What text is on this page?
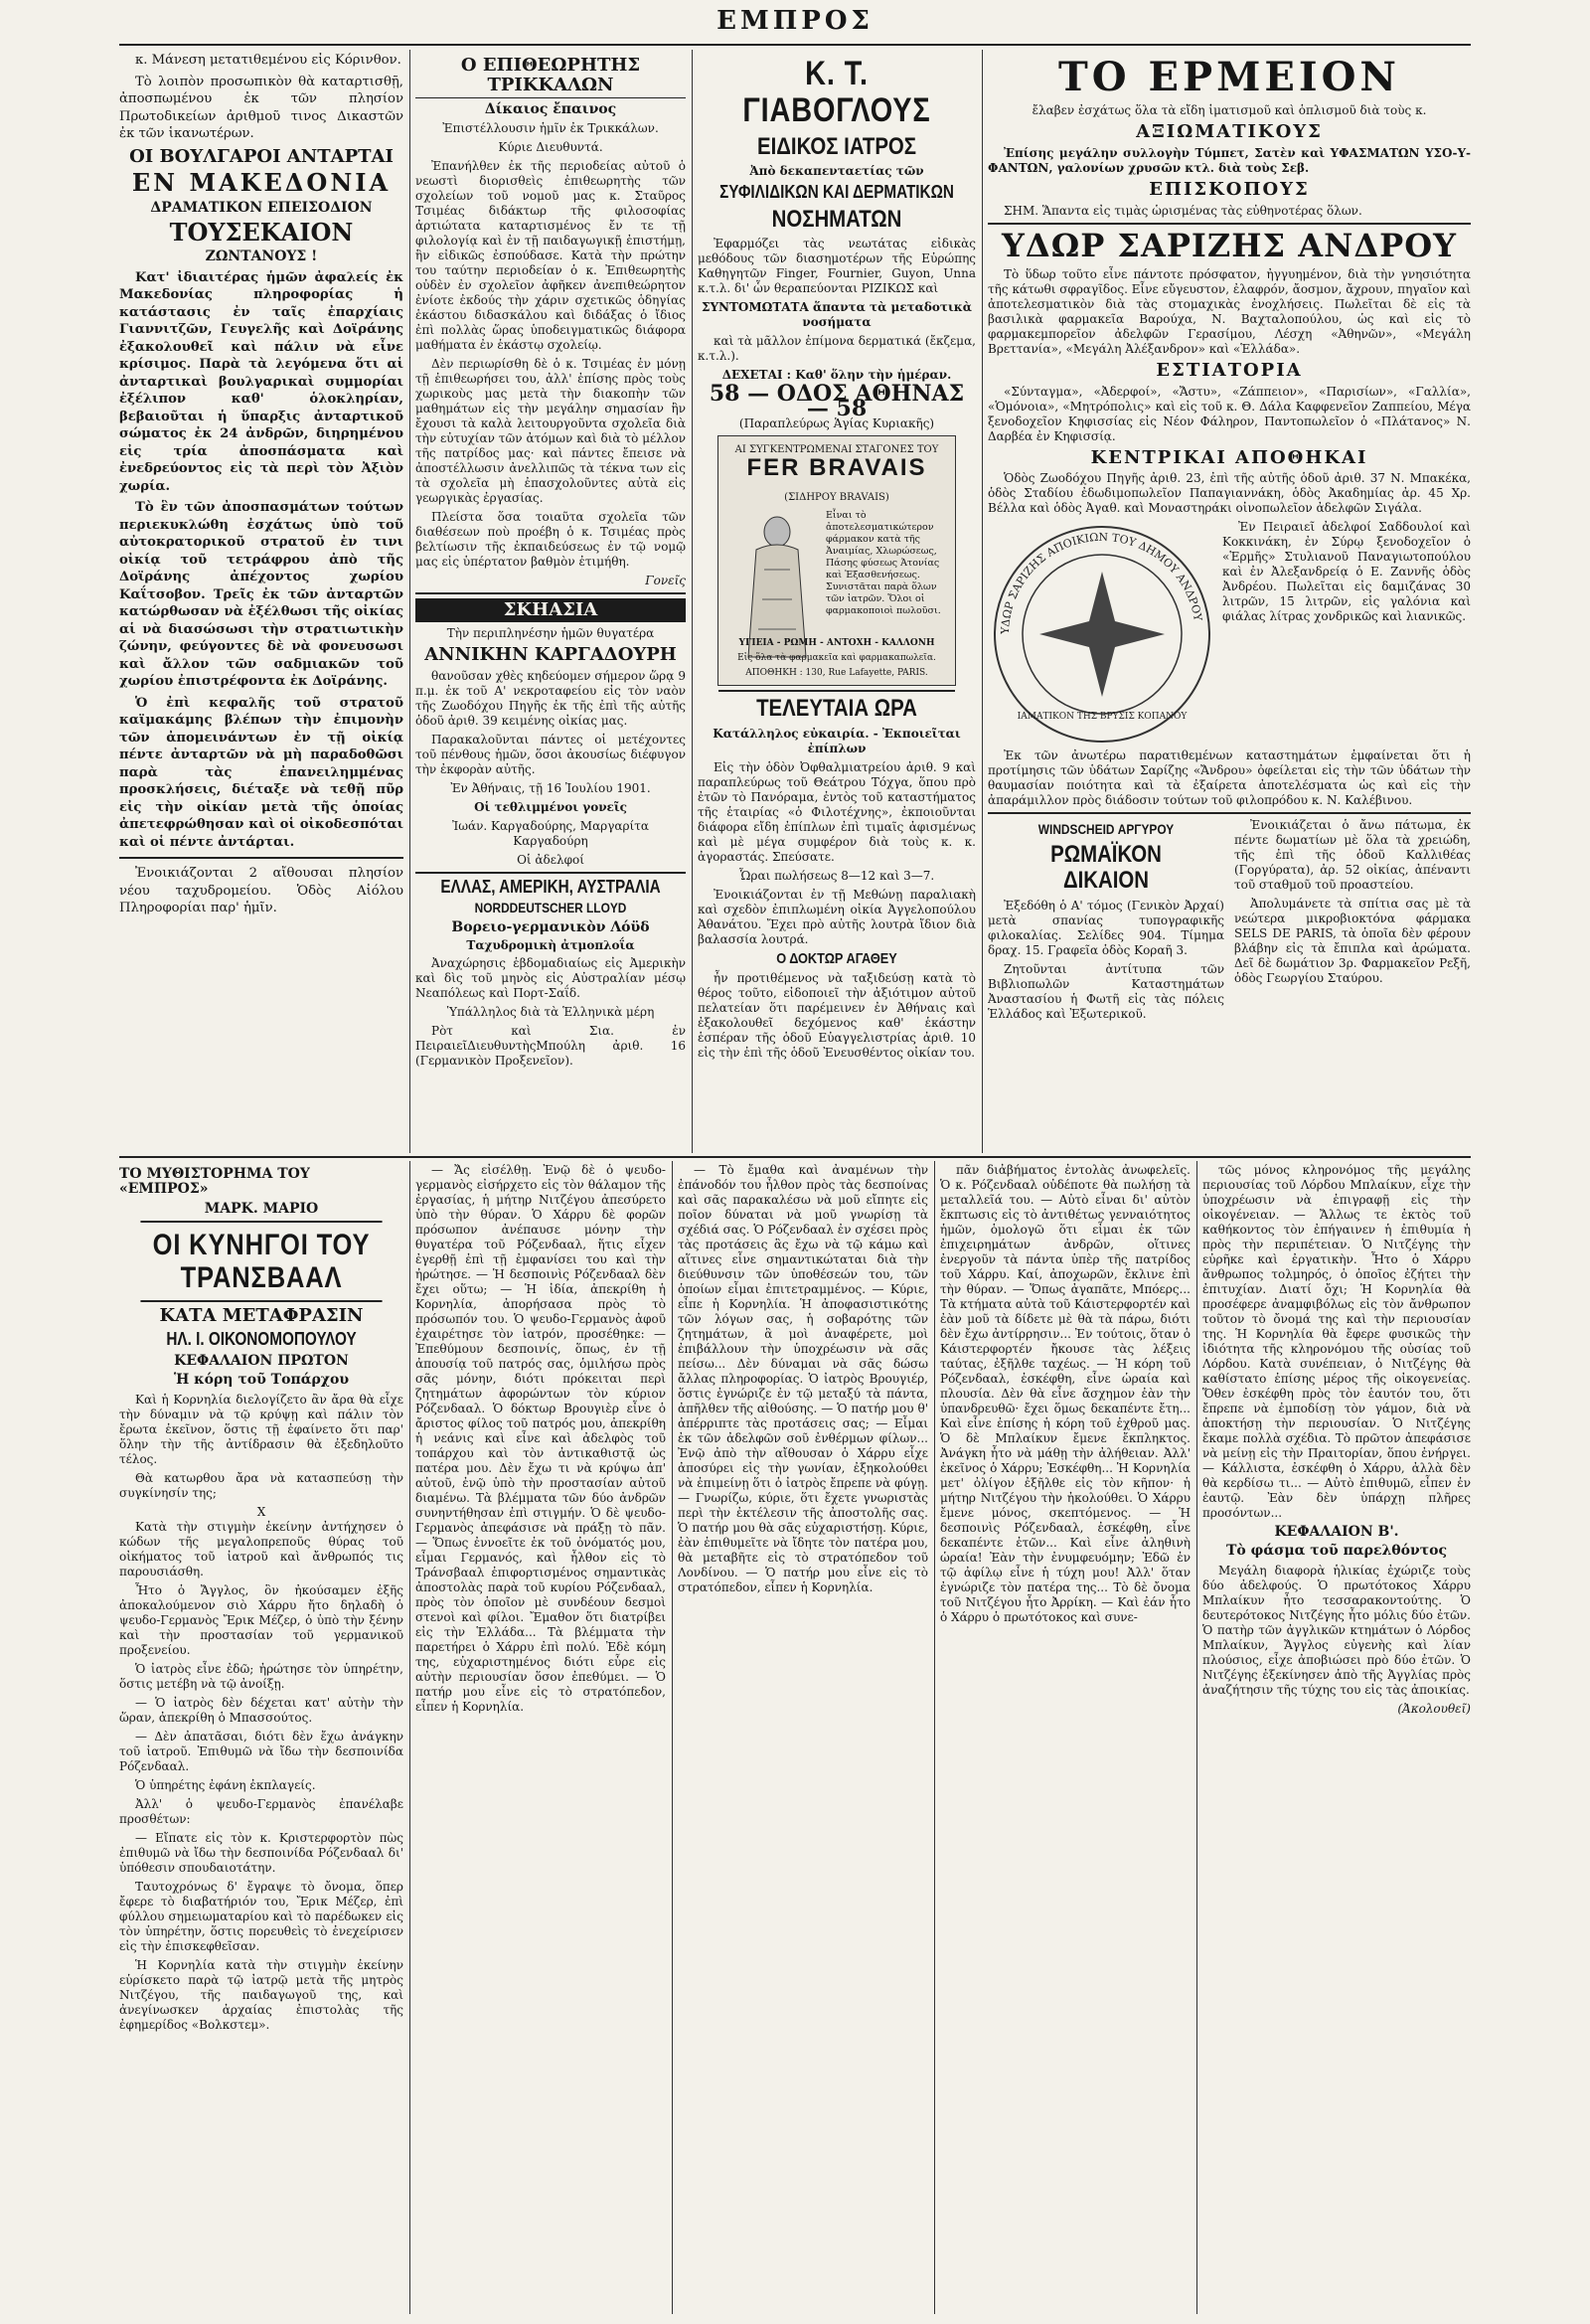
ΕΜΠΡΟΣ

κ. Μάνεση μετατιθεμένου εἰς Κόρινθον.

Τὸ λοιπὸν προσωπικὸν θὰ καταρτισθῇ, ἀποσπωμένου ἐκ τῶν πλησίον Πρωτοδικείων ἀριθμοῦ τινος Δικαστῶν ἐκ τῶν ἱκανωτέρων.

ΟΙ ΒΟΥΛΓΑΡΟΙ ΑΝΤΑΡΤΑΙ
ΕΝ ΜΑΚΕΔΟΝΙΑ
ΔΡΑΜΑΤΙΚΟΝ ΕΠΕΙΣΟΔΙΟΝ
ΤΟΥΣΕΚΑΙΟΝ
ΖΩΝΤΑΝΟΥΣ !

Κατ' ἰδιαιτέρας ἡμῶν ἀφαλείς ἐκ Μακεδονίας πληροφορίας ἡ κατάστασις ἐν ταῖς ἐπαρχίαις Γιαννιτζῶν, Γευγελῆς καὶ Δοϊράνης ἐξακολουθεῖ καὶ πάλιν νὰ εἶνε κρίσιμος. Παρὰ τὰ λεγόμενα ὅτι αἱ ἀνταρτικαὶ βουλγαρικαὶ συμμορίαι ἐξέλιπον καθ' ὁλοκληρίαν, βεβαιοῦται ἡ ὕπαρξις ἀνταρτικοῦ σώματος ἐκ 24 ἀνδρῶν, διηρημένου εἰς τρία ἀποσπάσματα καὶ ἐνεδρεύοντος εἰς τὰ περὶ τὸν Ἀξιὸν χωρία.

Τὸ ἓν τῶν ἀποσπασμάτων τούτων περιεκυκλώθη ἐσχάτως ὑπὸ τοῦ αὐτοκρατορικοῦ στρατοῦ ἐν τινι οἰκίᾳ τοῦ τετράφρου ἀπὸ τῆς Δοϊράνης ἀπέχοντος χωρίου Καΐτσοβον. Τρεῖς ἐκ τῶν ἀνταρτῶν κατώρθωσαν νὰ ἐξέλθωσι τῆς οἰκίας αἱ νὰ διασώσωσι τὴν στρατιωτικὴν ζώνην, φεύγοντες δὲ νὰ φονευσωσι καὶ ἄλλον τῶν σαδμιακῶν τοῦ χωρίου ἐπιστρέφοντα ἐκ Δοϊράνης.

Ὁ ἐπὶ κεφαλῆς τοῦ στρατοῦ καϊμακάμης βλέπων τὴν ἐπιμονὴν τῶν ἀπομεινάντων ἐν τῇ οἰκίᾳ πέντε ἀνταρτῶν νὰ μὴ παραδοθῶσι παρὰ τὰς ἐπανειλημμένας προσκλήσεις, διέταξε νὰ τεθῇ πῦρ εἰς τὴν οἰκίαν μετὰ τῆς ὁποίας ἀπετεφρώθησαν καὶ οἱ οἰκοδεσπόται καὶ οἱ πέντε ἀντάρται.

Ἐνοικιάζονται 2 αἴθουσαι πλησίον νέου ταχυδρομείου. Ὁδὸς Αἰόλου Πληροφορίαι παρ' ἡμῖν.

Ο ΕΠΙΘΕΩΡΗΤΗΣ ΤΡΙΚΚΑΛΩΝ
Δίκαιος ἔπαινος

Ἐπιστέλλουσιν ἡμῖν ἐκ Τρικκάλων.

Κύριε Διευθυντά.

Ἐπανήλθεν ἐκ τῆς περιοδείας αὐτοῦ ὁ νεωστὶ διορισθεὶς ἐπιθεωρητὴς τῶν σχολείων τοῦ νομοῦ μας κ. Σταῦρος Τσιμέας διδάκτωρ τῆς φιλοσοφίας ἀρτιώτατα καταρτισμένος ἔν τε τῇ φιλολογίᾳ καὶ ἐν τῇ παιδαγωγικῇ ἐπιστήμῃ, ἣν εἰδικῶς ἐσπούδασε. Κατὰ τὴν πρώτην του ταύτην περιοδείαν ὁ κ. Ἐπιθεωρητὴς οὐδὲν ἐν σχολεῖον ἀφῆκεν ἀνεπιθεώρητον ἐνίοτε ἐκδούς τὴν χάριν σχετικῶς ὁδηγίας ἑκάστου διδασκάλου καὶ διδάξας ὁ ἴδιος ἐπὶ πολλὰς ὥρας ὑποδειγματικῶς διάφορα μαθήματα ἐν ἑκάστῳ σχολείῳ.

Δὲν περιωρίσθη δὲ ὁ κ. Τσιμέας ἐν μόνῃ τῇ ἐπιθεωρήσει του, ἀλλ' ἐπίσης πρὸς τοὺς χωρικοὺς μας μετὰ τὴν διακοπὴν τῶν μαθημάτων εἰς τὴν μεγάλην σημασίαν ἣν ἔχουσι τὰ καλὰ λειτουργοῦντα σχολεῖα διὰ τὴν εὐτυχίαν τῶν ἀτόμων καὶ διὰ τὸ μέλλον τῆς πατρίδος μας· καὶ πάντες ἔπεισε νὰ ἀποστέλλωσιν ἀνελλιπῶς τὰ τέκνα των εἰς τὰ σχολεῖα μὴ ἐπασχολοῦντες αὐτὰ εἰς γεωργικὰς ἐργασίας.

Πλείστα ὅσα τοιαῦτα σχολεῖα τῶν διαθέσεων ποὺ προέβη ὁ κ. Τσιμέας πρὸς βελτίωσιν τῆς ἐκπαιδεύσεως ἐν τῷ νομῷ μας εἰς ὑπέρτατον βαθμὸν ἐτιμήθη.

Γονεῖς

ΣΚΗΑΣΙΑ

Τὴν περιπληνέσην ἡμῶν θυγατέρα

ΑΝΝΙΚΗΝ ΚΑΡΓΑΔΟΥΡΗ

θανοῦσαν χθὲς κηδεύομεν σήμερον ὥρᾳ 9 π.μ. ἐκ τοῦ Α' νεκροταφείου εἰς τὸν ναὸν τῆς Ζωοδόχου Πηγῆς ἐκ τῆς ἐπὶ τῆς αὐτῆς ὁδοῦ ἀριθ. 39 κειμένης οἰκίας μας.

Παρακαλοῦνται πάντες οἱ μετέχοντες τοῦ πένθους ἡμῶν, ὅσοι ἀκουσίως διέφυγον τὴν ἐκφορὰν αὐτῆς.

Ἐν Ἀθήναις, τῇ 16 Ἰουλίου 1901.

Οἱ τεθλιμμένοι γονεῖς

Ἰωάν. Καργαδούρης, Μαργαρίτα Καργαδούρη

Οἱ ἀδελφοί

ΕΛΛΑΣ, ΑΜΕΡΙΚΗ, ΑΥΣΤΡΑΛΙΑ
NORDDEUTSCHER LLOYD
Βορειο-γερμανικὸν Λόϋδ
Ταχυδρομικὴ ἀτμοπλοΐα

Ἀναχώρησις ἑβδομαδιαίως εἰς Ἀμερικὴν καὶ δὶς τοῦ μηνὸς εἰς Αὐστραλίαν μέσῳ Νεαπόλεως καὶ Πορτ-Σαΐδ.

Ὑπάλληλος διὰ τὰ Ἑλληνικὰ μέρη

Ρὸτ καὶ Σια. ἐν ΠειραιεῖΔιευθυντὴςΜπούλη ἀριθ. 16 (Γερμανικὸν Προξενεῖον).

Κ. Τ. ΓΙΑΒΟΓΛΟΥΣ
ΕΙΔΙΚΟΣ ΙΑΤΡΟΣ

Ἀπὸ δεκαπενταετίας τῶν

ΣΥΦΙΛΙΔΙΚΩΝ ΚΑΙ ΔΕΡΜΑΤΙΚΩΝ
ΝΟΣΗΜΑΤΩΝ

Ἐφαρμόζει τὰς νεωτάτας εἰδικὰς μεθόδους τῶν διασημοτέρων τῆς Εὐρώπης Καθηγητῶν Finger, Fournier, Guyon, Unna κ.τ.λ. δι' ὧν θεραπεύονται ΡΙΖΙΚΩΣ καὶ

ΣΥΝΤΟΜΩΤΑΤΑ ἅπαντα τὰ μεταδοτικὰ νοσήματα

καὶ τὰ μᾶλλον ἐπίμονα δερματικά (ἔκζεμα, κ.τ.λ.).

ΔΕΧΕΤΑΙ : Καθ' ὅλην τὴν ἡμέραν.

58 — ΟΔΟΣ ΑΘΗΝΑΣ — 58

(Παραπλεύρως Ἁγίας Κυριακῆς)

ΑΙ ΣΥΓΚΕΝΤΡΩΜΕΝΑΙ ΣΤΑΓΟΝΕΣ ΤΟΥ
FER BRAVAIS
(ΣΙΔΗΡΟΥ BRAVAIS)
Εἶναι τὸ ἀποτελεσματικώτερον φάρμακον κατὰ τῆς Ἀναιμίας, Χλωρώσεως, Πάσης φύσεως Ἀτονίας καὶ Ἐξασθενήσεως. Συνιστᾶται παρὰ ὅλων τῶν ἰατρῶν. Ὅλοι οἱ φαρμακοποιοὶ πωλοῦσι.
ΥΓΙΕΙΑ - ΡΩΜΗ - ΑΝΤΟΧΗ - ΚΑΛΛΟΝΗ
Εἰς ὅλα τὰ φαρμακεῖα καὶ φαρμακαπωλεῖα. ΑΠΟΘΗΚΗ : 130, Rue Lafayette, PARIS.
ΤΕΛΕΥΤΑΙΑ ΩΡΑ

Κατάλληλος εὐκαιρία. - Ἐκποιεῖται ἐπίπλων

Εἰς τὴν ὁδὸν Ὀφθαλμιατρείου ἀριθ. 9 καὶ παραπλεύρως τοῦ Θεάτρου Τόχγα, ὅπου πρὸ ἐτῶν τὸ Πανόραμα, ἐντὸς τοῦ καταστήματος τῆς ἑταιρίας «ὁ Φιλοτέχνης», ἐκποιοῦνται διάφορα εἴδη ἐπίπλων ἐπὶ τιμαῖς ἀφισμένως καὶ μὲ μέγα συμφέρον διὰ τοὺς κ. κ. ἀγοραστάς. Σπεύσατε.

Ὧραι πωλήσεως 8—12 καὶ 3—7.

Ἐνοικιάζονται ἐν τῇ Μεθώνῃ παραλιακὴ καὶ σχεδὸν ἐπιπλωμένη οἰκία Ἀγγελοπούλου Ἀθανάτου. Ἔχει πρὸ αὐτῆς λουτρὰ ἴδιον διὰ βαλασσία λουτρά.

Ο ΔΟΚΤΩΡ ΑΓΑΘΕΥ

ἦν προτιθέμενος νὰ ταξιδεύσῃ κατὰ τὸ θέρος τοῦτο, εἰδοποιεῖ τὴν ἀξιότιμον αὐτοῦ πελατείαν ὅτι παρέμεινεν ἐν Ἀθήναις καὶ ἐξακολουθεῖ δεχόμενος καθ' ἑκάστην ἑσπέραν τῆς ὁδοῦ Εὐαγγελιστρίας ἀριθ. 10 εἰς τὴν ἐπὶ τῆς ὁδοῦ Ἐνευσθέντος οἰκίαν του.

ΤΟ ΕΡΜΕΙΟΝ

ἔλαβεν ἐσχάτως ὅλα τὰ εἴδη ἱματισμοῦ καὶ ὁπλισμοῦ διὰ τοὺς κ.

ΑΞΙΩΜΑΤΙΚΟΥΣ

Ἐπίσης μεγάλην συλλογὴν Τύμπετ, Σατὲν καὶ ΥΦΑΣΜΑΤΩΝ ΥΣΟ-Υ-ΦΑΝΤΩΝ, γαλονίων χρυσῶν κτλ. διὰ τοὺς Σεβ.

ΕΠΙΣΚΟΠΟΥΣ

ΣΗΜ. Ἅπαντα εἰς τιμὰς ὡρισμένας τὰς εὐθηνοτέρας ὅλων.

ΥΔΩΡ ΣΑΡΙΖΗΣ ΑΝΔΡΟΥ

Τὸ ὕδωρ τοῦτο εἶνε πάντοτε πρόσφατον, ἠγγυημένον, διὰ τὴν γνησιότητα τῆς κάτωθι σφραγῖδος. Εἶνε εὔγευστον, ἐλαφρόν, ἄοσμον, ἄχρουν, πηγαῖον καὶ ἀποτελεσματικὸν διὰ τὰς στομαχικὰς ἐνοχλήσεις. Πωλεῖται δὲ εἰς τὰ βασιλικὰ φαρμακεῖα Βαρούχα, Ν. Βαχταλοπούλου, ὡς καὶ εἰς τὸ φαρμακεμπορεῖον ἀδελφῶν Γερασίμου, Λέσχη «Ἀθηνῶν», «Μεγάλη Βρεττανία», «Μεγάλη Ἀλέξανδρον» καὶ «Ἑλλάδα».

ΕΣΤΙΑΤΟΡΙΑ

«Σύνταγμα», «Ἀδερφοί», «Ἄστυ», «Ζάππειον», «Παρισίων», «Γαλλία», «Ὁμόνοια», «Μητρόπολις» καὶ εἰς τοῦ κ. Θ. Δάλα Καφφενεῖον Ζαππείου, Μέγα ξενοδοχεῖον Κηφισσίας εἰς Νέον Φάληρον, Παντοπωλεῖον ὁ «Πλάτανος» Ν. Δαρβέα ἐν Κηφισσίᾳ.

ΚΕΝΤΡΙΚΑΙ ΑΠΟΘΗΚΑΙ

Ὁδὸς Ζωοδόχου Πηγῆς ἀριθ. 23, ἐπὶ τῆς αὐτῆς ὁδοῦ ἀριθ. 37 Ν. Μπακέκα, ὁδὸς Σταδίου ἐδωδιμοπωλεῖον Παπαγιαννάκη, ὁδὸς Ἀκαδημίας ἀρ. 45 Χρ. Βέλλα καὶ ὁδὸς Ἀγαθ. καὶ Μοναστηράκι οἰνοπωλεῖον ἀδελφῶν Σιγάλα.

ΥΔΩΡ ΣΑΡΙΖΗΣ ΑΠΟΙΚΙΩΝ ΤΟΥ ΔΗΜΟΥ ΑΝΔΡΟΥ
ΙΑΜΑΤΙΚΟΝ ΤΗΣ ΒΡΥΣΙΣ ΚΟΠΑΝΟΥ

Ἐν Πειραιεῖ ἀδελφοί Σαδδουλοί καὶ Κοκκινάκη, ἐν Σύρῳ ξενοδοχεῖον ὁ «Ἑρμῆς» Στυλιανοῦ Παναγιωτοπούλου καὶ ἐν Ἀλεξανδρείᾳ ὁ Ε. Ζαννῆς ὁδὸς Ἀνδρέου. Πωλεῖται εἰς δαμιζάνας 30 λιτρῶν, 15 λιτρῶν, εἰς γαλόνια καὶ φιάλας λίτρας χονδρικῶς καὶ λιανικῶς.

Ἐκ τῶν ἀνωτέρω παρατιθεμένων καταστημάτων ἐμφαίνεται ὅτι ἡ προτίμησις τῶν ὑδάτων Σαρίζης «Ἄνδρου» ὀφείλεται εἰς τὴν τῶν ὑδάτων τὴν θαυμασίαν ποιότητα καὶ τὰ ἐξαίρετα ἀποτελέσματα ὡς καὶ εἰς τὴν ἀπαράμιλλον πρὸς διάδοσιν τούτων τοῦ φιλοπρόδου κ. Ν. Καλέβινου.

WINDSCHEID ΑΡΓΥΡΟΥ
ΡΩΜΑΪΚΟΝ ΔΙΚΑΙΟΝ

Ἐξεδόθη ὁ Α' τόμος (Γενικὸν Ἀρχαί) μετὰ σπανίας τυπογραφικῆς φιλοκαλίας. Σελίδες 904. Τίμημα δραχ. 15. Γραφεῖα ὁδὸς Κοραῆ 3.

Ζητοῦνται ἀντίτυπα τῶν Βιβλιοπωλῶν Καταστημάτων Ἀναστασίου ἡ Φωτῆ εἰς τὰς πόλεις Ἑλλάδος καὶ Ἐξωτερικοῦ.

Ἐνοικιάζεται ὁ ἄνω πάτωμα, ἐκ πέντε δωματίων μὲ ὅλα τὰ χρειώδη, τῆς ἐπὶ τῆς ὁδοῦ Καλλιθέας (Γοργύρατα), ἀρ. 52 οἰκίας, ἀπέναντι τοῦ σταθμοῦ τοῦ προαστείου.

Ἀπολυμάνετε τὰ σπίτια σας μὲ τὰ νεώτερα μικροβιοκτόνα φάρμακα SELS DE PARIS, τὰ ὁποῖα δὲν φέρουν βλάβην εἰς τὰ ἔπιπλα καὶ ἀρώματα. Δεῖ δὲ δωμάτιον 3ρ. Φαρμακεῖον Ρεξῆ, ὁδὸς Γεωργίου Σταύρου.

ΤΟ ΜΥΘΙΣΤΟΡΗΜΑ ΤΟΥ «ΕΜΠΡΟΣ»
ΜΑΡΚ. ΜΑΡΙΟ
ΟΙ ΚΥΝΗΓΟΙ ΤΟΥ ΤΡΑΝΣΒΑΑΛ
ΚΑΤΑ ΜΕΤΑΦΡΑΣΙΝ
ΗΛ. Ι. ΟΙΚΟΝΟΜΟΠΟΥΛΟΥ
ΚΕΦΑΛΑΙΟΝ ΠΡΩΤΟΝ
Ἡ κόρη τοῦ Τοπάρχου

Καὶ ἡ Κορνηλία διελογίζετο ἂν ἄρα θὰ εἶχε τὴν δύναμιν νὰ τῷ κρύψῃ καὶ πάλιν τὸν ἔρωτα ἐκεῖνον, ὅστις τῇ ἐφαίνετο ὅτι παρ' ὅλην τὴν τῆς ἀντίδρασιν θὰ ἐξεδηλοῦτο τέλος.

Θὰ κατωρθου ἄρα νὰ κατασπεύσῃ τὴν συγκίνησίν της;

X

Κατὰ τὴν στιγμὴν ἐκείνην ἀντήχησεν ὁ κώδων τῆς μεγαλοπρεποῦς θύρας τοῦ οἰκήματος τοῦ ἰατροῦ καὶ ἄνθρωπός τις παρουσιάσθη.

Ἦτο ὁ Ἄγγλος, ὃν ἠκούσαμεν ἐξῆς ἀποκαλούμενον σιὸ Χάρρυ ἤτο δηλαδὴ ὁ ψευδο-Γερμανὸς Ἔρικ Μέζερ, ὁ ὑπὸ τὴν ξένην καὶ τὴν προστασίαν τοῦ γερμανικοῦ προξενείου.

Ὁ ἰατρὸς εἶνε ἐδῶ; ἠρώτησε τὸν ὑπηρέτην, ὅστις μετέβη νὰ τῷ ἀνοίξῃ.

— Ὁ ἰατρὸς δὲν δέχεται κατ' αὐτὴν τὴν ὥραν, ἀπεκρίθη ὁ Μπασσούτος.

— Δὲν ἀπατᾶσαι, διότι δὲν ἔχω ἀνάγκην τοῦ ἰατροῦ. Ἐπιθυμῶ νὰ ἴδω τὴν δεσποινίδα Ρόζενδααλ.

Ὁ ὑπηρέτης ἐφάνη ἐκπλαγείς.

Ἀλλ' ὁ ψευδο-Γερμανὸς ἐπανέλαβε προσθέτων:

— Εἴπατε εἰς τὸν κ. Κριστερφορτὸν πὼς ἐπιθυμῶ νὰ ἴδω τὴν δεσποινίδα Ρόζενδααλ δι' ὑπόθεσιν σπουδαιοτάτην.

Ταυτοχρόνως δ' ἔγραψε τὸ ὄνομα, ὅπερ ἔφερε τὸ διαβατήριόν του, Ἔρικ Μέζερ, ἐπὶ φύλλου σημειωματαρίου καὶ τὸ παρέδωκεν εἰς τὸν ὑπηρέτην, ὅστις πορευθεὶς τὸ ἐνεχείρισεν εἰς τὴν ἐπισκεφθεῖσαν.

Ἡ Κορνηλία κατὰ τὴν στιγμὴν ἐκείνην εὑρίσκετο παρὰ τῷ ἰατρῷ μετὰ τῆς μητρὸς Νιτζέγου, τῆς παιδαγωγοῦ της, καὶ ἀνεγίνωσκεν ἀρχαίας ἐπιστολὰς τῆς ἐφημερίδος «Βολκστεμ».

— Ἄς εἰσέλθῃ. Ἐνῷ δὲ ὁ ψευδο-γερμανὸς εἰσήρχετο εἰς τὸν θάλαμον τῆς ἐργασίας, ἡ μήτηρ Νιτζέγου ἀπεσύρετο ὑπὸ τὴν θύραν. Ὁ Χάρρυ δὲ φορῶν πρόσωπον ἀνέπαυσε μόνην τὴν θυγατέρα τοῦ Ρόζενδααλ, ἥτις εἶχεν ἐγερθῇ ἐπὶ τῇ ἐμφανίσει του καὶ τὴν ἠρώτησε. — Ἡ δεσποινὶς Ρόζενδααλ δὲν ἔχει οὕτω; — Ἡ ἰδία, ἀπεκρίθη ἡ Κορνηλία, ἀπορήσασα πρὸς τὸ πρόσωπόν του. Ὁ ψευδο-Γερμανὸς ἀφοῦ ἐχαιρέτησε τὸν ἰατρόν, προσέθηκε: — Ἐπεθύμουν δεσποινίς, ὅπως, ἐν τῇ ἀπουσίᾳ τοῦ πατρός σας, ὁμιλήσω πρὸς σᾶς μόνην, διότι πρόκειται περὶ ζητημάτων ἀφορώντων τὸν κύριον Ρόζενδααλ. Ὁ δόκτωρ Βρουγιὲρ εἶνε ὁ ἄριστος φίλος τοῦ πατρός μου, ἀπεκρίθη ἡ νεάνις καὶ εἶνε καὶ ἀδελφὸς τοῦ τοπάρχου καὶ τὸν ἀντικαθιστᾷ ὡς πατέρα μου. Δὲν ἔχω τι νὰ κρύψω ἀπ' αὐτοῦ, ἐνῷ ὑπὸ τὴν προστασίαν αὐτοῦ διαμένω. Τὰ βλέμματα τῶν δύο ἀνδρῶν συνηντήθησαν ἐπὶ στιγμήν. Ὁ δὲ ψευδο-Γερμανὸς ἀπεφάσισε νὰ πράξῃ τὸ πᾶν. — Ὅπως ἐννοεῖτε ἐκ τοῦ ὀνόματός μου, εἶμαι Γερμανός, καὶ ἦλθον εἰς τὸ Τράνσβααλ ἐπιφορτισμένος σημαντικὰς ἀποστολὰς παρὰ τοῦ κυρίου Ρόζενδααλ, πρὸς τὸν ὁποῖον μὲ συνδέουν δεσμοὶ στενοὶ καὶ φίλοι. Ἔμαθον ὅτι διατρίβει εἰς τὴν Ἑλλάδα... Τὰ βλέμματα τὴν παρετήρει ὁ Χάρρυ ἐπὶ πολύ. Ἐδὲ κόμη της, εὐχαριστημένος διότι εὗρε εἰς αὐτὴν περιουσίαν ὅσον ἐπεθύμει. — Ὁ πατήρ μου εἶνε εἰς τὸ στρατόπεδον, εἶπεν ἡ Κορνηλία.

— Τὸ ἔμαθα καὶ ἀναμένων τὴν ἐπάνοδόν του ἦλθον πρὸς τὰς δεσποίνας καὶ σᾶς παρακαλέσω νὰ μοῦ εἴπητε εἰς ποῖον δύναται νὰ μοῦ γνωρίσῃ τὰ σχέδιά σας. Ὁ Ρόζενδααλ ἐν σχέσει πρὸς τὰς προτάσεις ἃς ἔχω νὰ τῷ κάμω καὶ αἵτινες εἶνε σημαντικώταται διὰ τὴν διεύθυνσιν τῶν ὑποθέσεών του, τῶν ὁποίων εἶμαι ἐπιτετραμμένος. — Κύριε, εἶπε ἡ Κορνηλία. Ἡ ἀποφασιστικότης τῶν λόγων σας, ἡ σοβαρότης τῶν ζητημάτων, ἃ μοὶ ἀναφέρετε, μοὶ ἐπιβάλλουν τὴν ὑποχρέωσιν νὰ σᾶς πείσω... Δὲν δύναμαι νὰ σᾶς δώσω ἄλλας πληροφορίας. Ὁ ἰατρὸς Βρουγιέρ, ὅστις ἐγνώριζε ἐν τῷ μεταξύ τὰ πάντα, ἀπῆλθεν τῆς αἰθούσης. — Ὁ πατήρ μου θ' ἀπέρριπτε τὰς προτάσεις σας; — Εἶμαι ἐκ τῶν ἀδελφῶν σοῦ ἐνθέρμων φίλων... Ἐνῷ ἀπὸ τὴν αἴθουσαν ὁ Χάρρυ εἶχε ἀποσύρει εἰς τὴν γωνίαν, ἐξηκολούθει νὰ ἐπιμείνῃ ὅτι ὁ ἰατρὸς ἔπρεπε νὰ φύγῃ. — Γνωρίζω, κύριε, ὅτι ἔχετε γνωριστὰς περὶ τὴν ἐκτέλεσιν τῆς ἀποστολῆς σας. Ὁ πατήρ μου θὰ σᾶς εὐχαριστήσῃ. Κύριε, ἐὰν ἐπιθυμεῖτε νὰ ἴδητε τὸν πατέρα μου, θὰ μεταβῆτε εἰς τὸ στρατόπεδον τοῦ Λονδίνου. — Ὁ πατήρ μου εἶνε εἰς τὸ στρατόπεδον, εἶπεν ἡ Κορνηλία.

πᾶν διἀβήματος ἐντολὰς ἀνωφελεῖς. Ὁ κ. Ρόζενδααλ οὐδέποτε θὰ πωλήσῃ τὰ μεταλλεῖά του. — Αὐτὸ εἶναι δι' αὐτὸν ἔκπτωσις εἰς τὸ ἀντιθέτως γενναιότητος ἡμῶν, ὁμολογῶ ὅτι εἶμαι ἐκ τῶν ἐπιχειρημάτων ἀνδρῶν, οἵτινες ἐνεργοῦν τὰ πάντα ὑπὲρ τῆς πατρίδος τοῦ Χάρρυ. Καί, ἀποχωρῶν, ἔκλινε ἐπὶ τὴν θύραν. — Ὅπως ἀγαπᾶτε, Μπόερς... Τὰ κτήματα αὐτὰ τοῦ Κάιστερφορτέν καὶ ἐὰν μοῦ τὰ δίδετε μὲ θὰ τὰ πάρω, διότι δὲν ἔχω ἀντίρρησιν... Ἐν τούτοις, ὅταν ὁ Κάιστερφορτέν ἤκουσε τὰς λέξεις ταύτας, ἐξῆλθε ταχέως. — Ἡ κόρη τοῦ Ρόζενδααλ, ἐσκέφθη, εἶνε ὡραία καὶ πλουσία. Δὲν θὰ εἶνε ἄσχημον ἐὰν τὴν ὑπανδρευθῶ· ἔχει ὅμως δεκαπέντε ἔτη... Καὶ εἶνε ἐπίσης ἡ κόρη τοῦ ἐχθροῦ μας. Ὁ δὲ Μπλαίκυν ἔμενε ἔκπληκτος. Ἀνάγκη ἦτο νὰ μάθῃ τὴν ἀλήθειαν. Ἀλλ' ἐκεῖνος ὁ Χάρρυ; Ἐσκέφθη... Ἡ Κορνηλία μετ' ὀλίγον ἐξῆλθε εἰς τὸν κῆπον· ἡ μήτηρ Νιτζέγου τὴν ἠκολούθει. Ὁ Χάρρυ ἔμενε μόνος, σκεπτόμενος. — Ἡ δεσποινὶς Ρόζενδααλ, ἐσκέφθη, εἶνε δεκαπέντε ἐτῶν... Καὶ εἶνε ἀληθινὴ ὡραία! Ἐὰν τὴν ἐνυμφευόμην; Ἐδῶ ἐν τῷ ἀφίλῳ εἶνε ἡ τύχη μου! Ἀλλ' ὅταν ἐγνώριζε τὸν πατέρα της... Τὸ δὲ ὄνομα τοῦ Νιτζέγου ἦτο Ἀρρίκη. — Καὶ ἐάν ἦτο ὁ Χάρρυ ὁ πρωτότοκος καὶ συνε-

τῶς μόνος κληρονόμος τῆς μεγάλης περιουσίας τοῦ Λόρδου Μπλαίκυν, εἶχε τὴν ὑποχρέωσιν νὰ ἐπιγραφῇ εἰς τὴν οἰκογένειαν. — Ἄλλως τε ἐκτὸς τοῦ καθήκοντος τὸν ἐπήγαινεν ἡ ἐπιθυμία ἡ πρὸς τὴν περιπέτειαν. Ὁ Νιτζέγης τὴν εὐρῆκε καὶ ἐργατικὴν. Ἦτο ὁ Χάρρυ ἄνθρωπος τολμηρός, ὁ ὁποῖος ἐζήτει τὴν ἐπιτυχίαν. Διατί ὄχι; Ἡ Κορνηλία θὰ προσέφερε ἀναμφιβόλως εἰς τὸν ἄνθρωπον τοῦτον τὸ ὄνομά της καὶ τὴν περιουσίαν της. Ἡ Κορνηλία θὰ ἔφερε φυσικῶς τὴν ἰδιότητα τῆς κληρονόμου τῆς οὐσίας τοῦ Λόρδου. Κατὰ συνέπειαν, ὁ Νιτζέγης θὰ καθίστατο ἐπίσης μέρος τῆς οἰκογενείας. Ὅθεν ἐσκέφθη πρὸς τὸν ἑαυτόν του, ὅτι ἔπρεπε νὰ ἐμποδίσῃ τὸν γάμον, διὰ νὰ ἀποκτήσῃ τὴν περιουσίαν. Ὁ Νιτζέγης ἔκαμε πολλὰ σχέδια. Τὸ πρῶτον ἀπεφάσισε νὰ μείνῃ εἰς τὴν Πραιτορίαν, ὅπου ἐνήργει. — Κάλλιστα, ἐσκέφθη ὁ Χάρρυ, ἀλλὰ δὲν θὰ κερδίσω τι... — Αὐτὸ ἐπιθυμῶ, εἶπεν ἐν ἑαυτῷ. Ἐὰν δὲν ὑπάρχῃ πλῆρες προσόντων...

ΚΕΦΑΛΑΙΟΝ Β'.
Τὸ φάσμα τοῦ παρελθόντος

Μεγάλη διαφορὰ ἡλικίας ἐχώριζε τοὺς δύο ἀδελφούς. Ὁ πρωτότοκος Χάρρυ Μπλαίκυν ἦτο τεσσαρακοντούτης. Ὁ δευτερότοκος Νιτζέγης ἦτο μόλις δύο ἐτῶν. Ὁ πατὴρ τῶν ἀγγλικῶν κτημάτων ὁ Λόρδος Μπλαίκυν, Ἄγγλος εὐγενὴς καὶ λίαν πλούσιος, εἶχε ἀποβιώσει πρὸ δύο ἐτῶν. Ὁ Νιτζέγης ἐξεκίνησεν ἀπὸ τῆς Ἀγγλίας πρὸς ἀναζήτησιν τῆς τύχης του εἰς τὰς ἀποικίας.

(Ἀκολουθεῖ)
